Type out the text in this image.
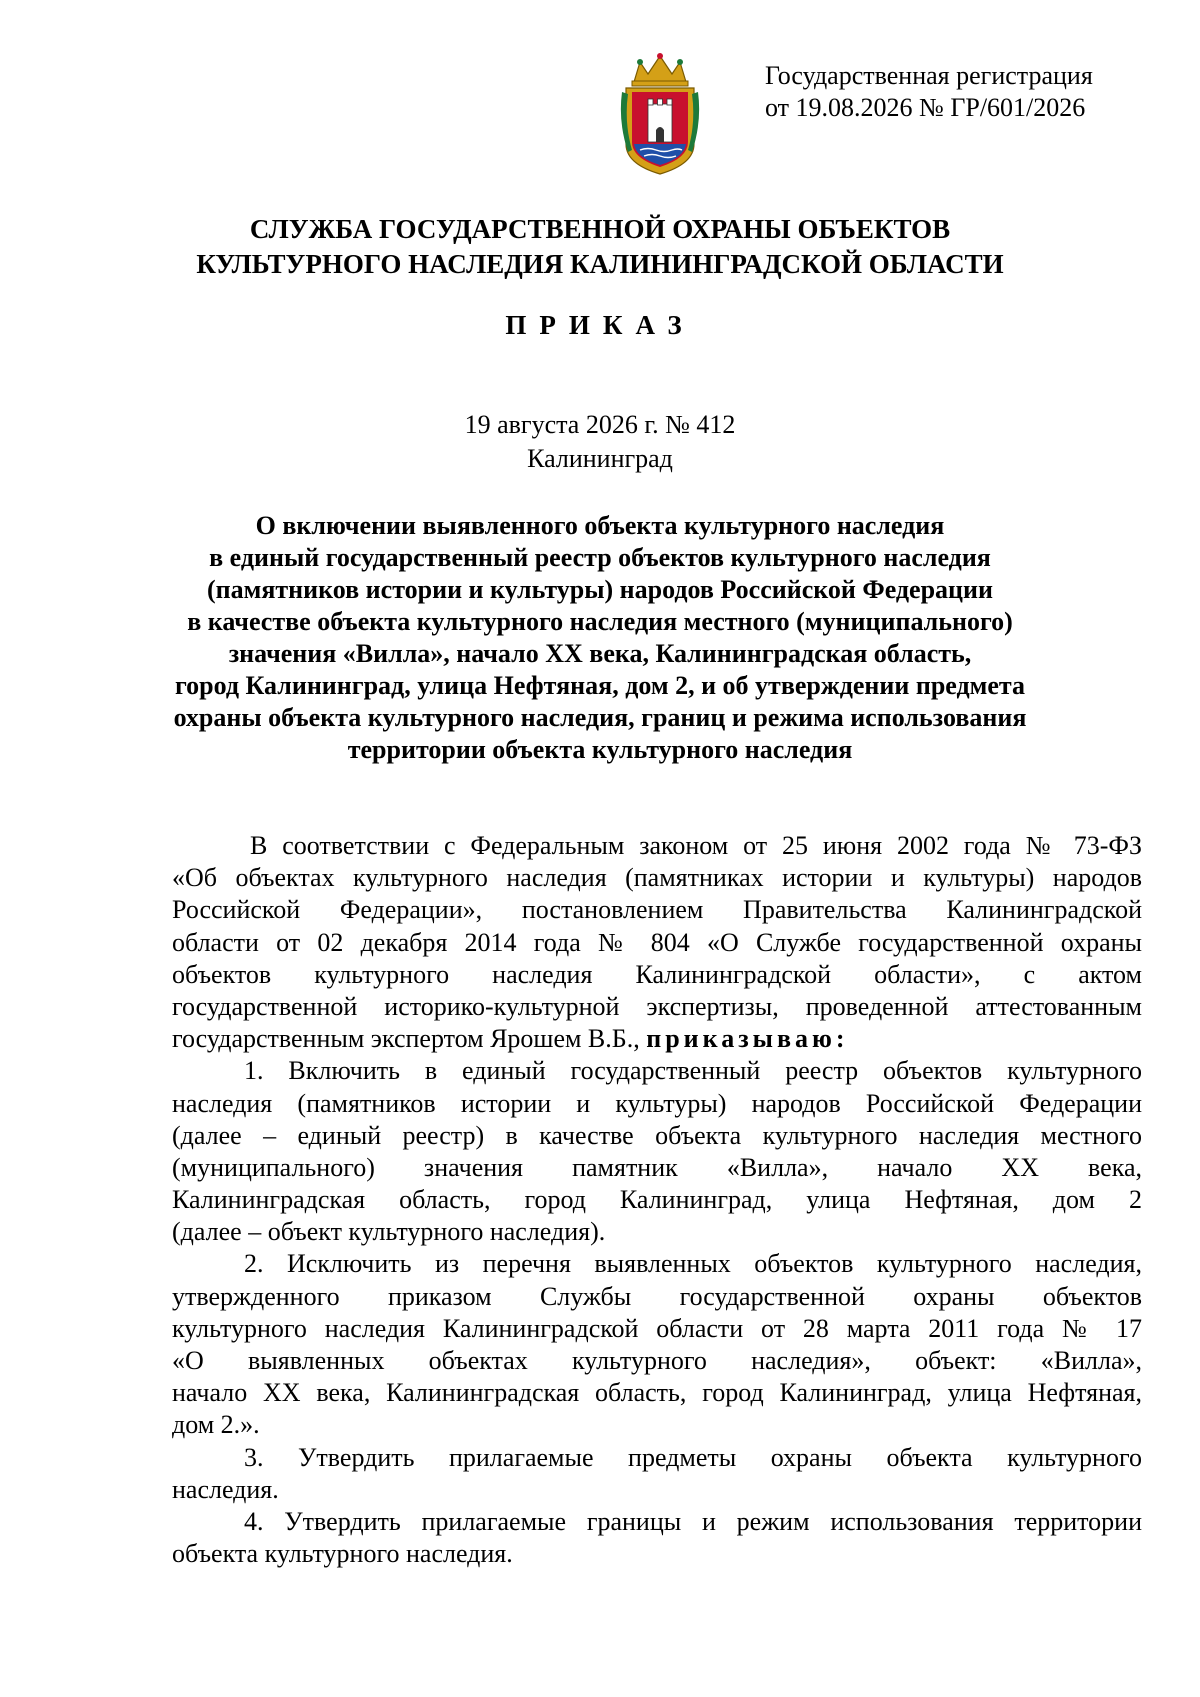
Государственная регистрация
от 19.08.2026 № ГР/601/2026
СЛУЖБА ГОСУДАРСТВЕННОЙ ОХРАНЫ ОБЪЕКТОВ
КУЛЬТУРНОГО НАСЛЕДИЯ КАЛИНИНГРАДСКОЙ ОБЛАСТИ
ПРИКАЗ
19 августа 2026 г. № 412
Калининград
О включении выявленного объекта культурного наследия
в единый государственный реестр объектов культурного наследия
(памятников истории и культуры) народов Российской Федерации
в качестве объекта культурного наследия местного (муниципального)
значения «Вилла», начало XX века, Калининградская область,
город Калининград, улица Нефтяная, дом 2, и об утверждении предмета
охраны объекта культурного наследия, границ и режима использования
территории объекта культурного наследия
В соответствии с Федеральным законом от 25 июня 2002 года № 73-ФЗ
«Об объектах культурного наследия (памятниках истории и культуры) народов
Российской Федерации», постановлением Правительства Калининградской
области от 02 декабря 2014 года № 804 «О Службе государственной охраны
объектов культурного наследия Калининградской области», с актом
государственной историко-культурной экспертизы, проведенной аттестованным
государственным экспертом Ярошем В.Б., приказываю:
1. Включить в единый государственный реестр объектов культурного
наследия (памятников истории и культуры) народов Российской Федерации
(далее – единый реестр) в качестве объекта культурного наследия местного
(муниципального) значения памятник «Вилла», начало XX века,
Калининградская область, город Калининград, улица Нефтяная, дом 2
(далее – объект культурного наследия).
2. Исключить из перечня выявленных объектов культурного наследия,
утвержденного приказом Службы государственной охраны объектов
культурного наследия Калининградской области от 28 марта 2011 года № 17
«О выявленных объектах культурного наследия», объект: «Вилла»,
начало XX века, Калининградская область, город Калининград, улица Нефтяная,
дом 2.».
3. Утвердить прилагаемые предметы охраны объекта культурного
наследия.
4. Утвердить прилагаемые границы и режим использования территории
объекта культурного наследия.
